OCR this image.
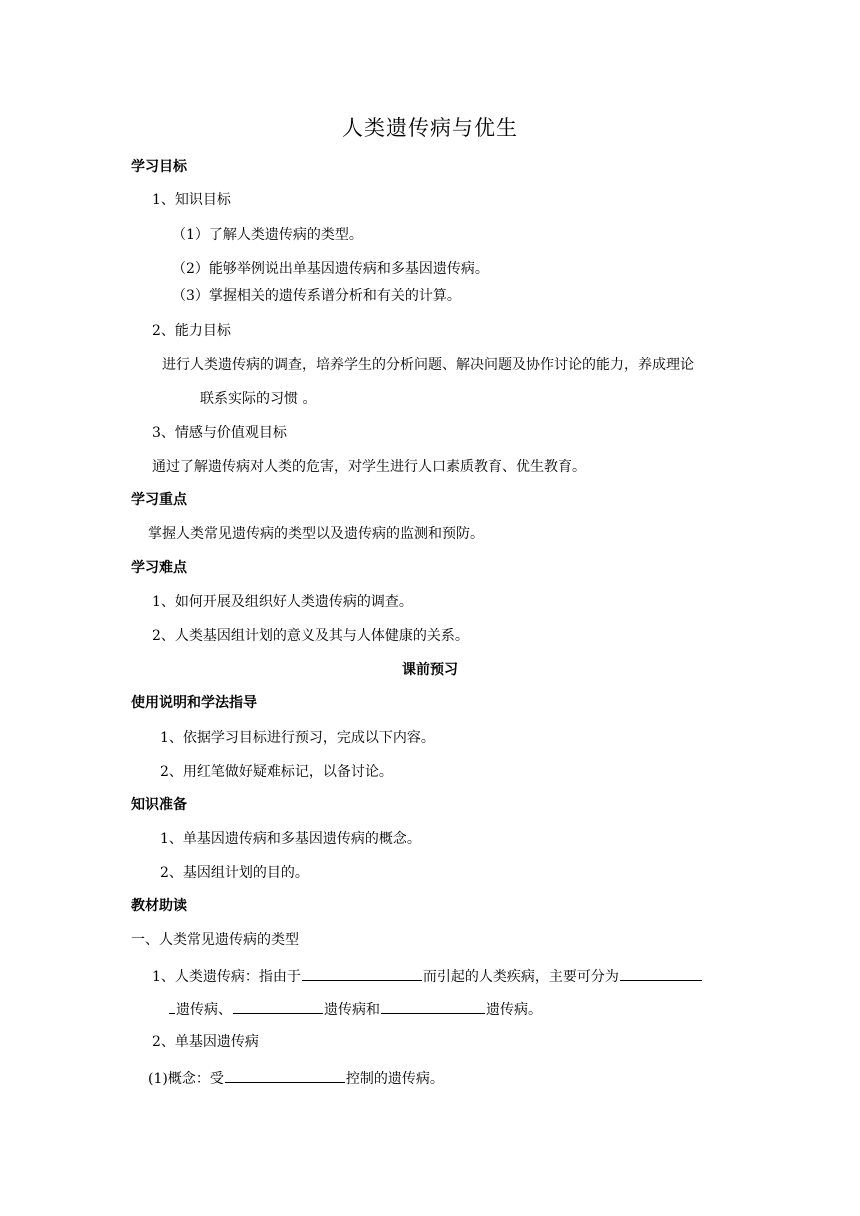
人类遗传病与优生
学习目标
1、知识目标
（1）了解人类遗传病的类型。
（2）能够举例说出单基因遗传病和多基因遗传病。
（3）掌握相关的遗传系谱分析和有关的计算。
2、能力目标
进行人类遗传病的调查，培养学生的分析问题、解决问题及协作讨论的能力，养成理论
联系实际的习惯 。
3、情感与价值观目标
通过了解遗传病对人类的危害，对学生进行人口素质教育、优生教育。
学习重点
掌握人类常见遗传病的类型以及遗传病的监测和预防。
学习难点
1、如何开展及组织好人类遗传病的调查。
2、人类基因组计划的意义及其与人体健康的关系。
课前预习
使用说明和学法指导
1、依据学习目标进行预习，完成以下内容。
2、用红笔做好疑难标记，以备讨论。
知识准备
1、单基因遗传病和多基因遗传病的概念。
2、基因组计划的目的。
教材助读
一、人类常见遗传病的类型
1、人类遗传病：指由于	而引起的人类疾病，主要可分为
遗传病、	遗传病和	遗传病。
2、单基因遗传病
(1)概念：受	控制的遗传病。
